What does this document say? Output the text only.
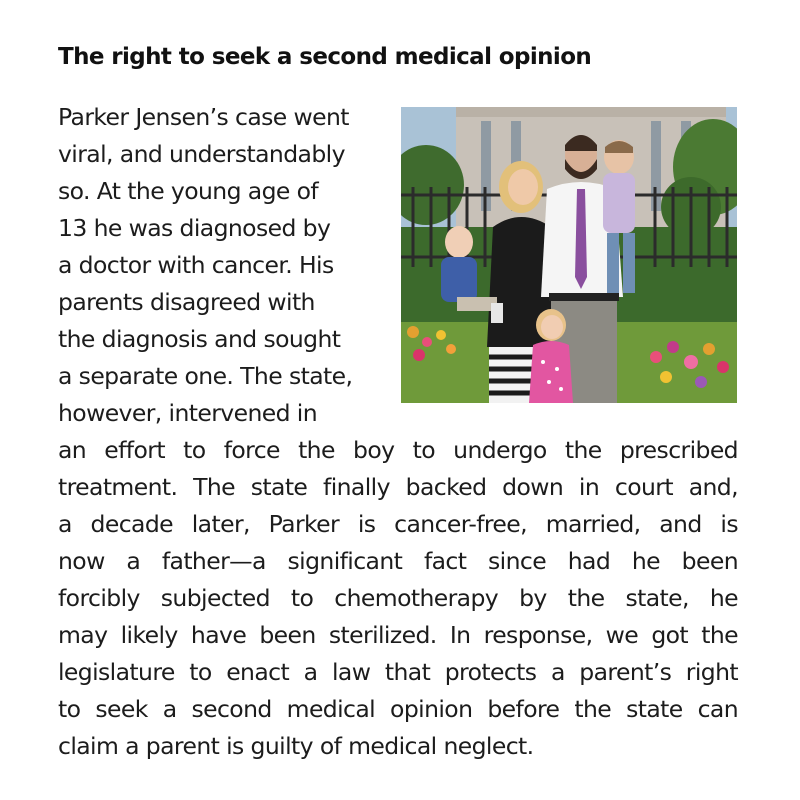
The right to seek a second medical opinion

Parker Jensen’s case went

viral, and understandably

so. At the young age of

13 he was diagnosed by

a doctor with cancer. His

parents disagreed with

the diagnosis and sought

a separate one. The state,

however, intervened in

an effort to force the boy to undergo the prescribed

treatment. The state finally backed down in court and,

a decade later, Parker is cancer-free, married, and is

now a father—a significant fact since had he been

forcibly subjected to chemotherapy by the state, he

may likely have been sterilized. In response, we got the

legislature to enact a law that protects a parent’s right

to seek a second medical opinion before the state can

claim a parent is guilty of medical neglect.
